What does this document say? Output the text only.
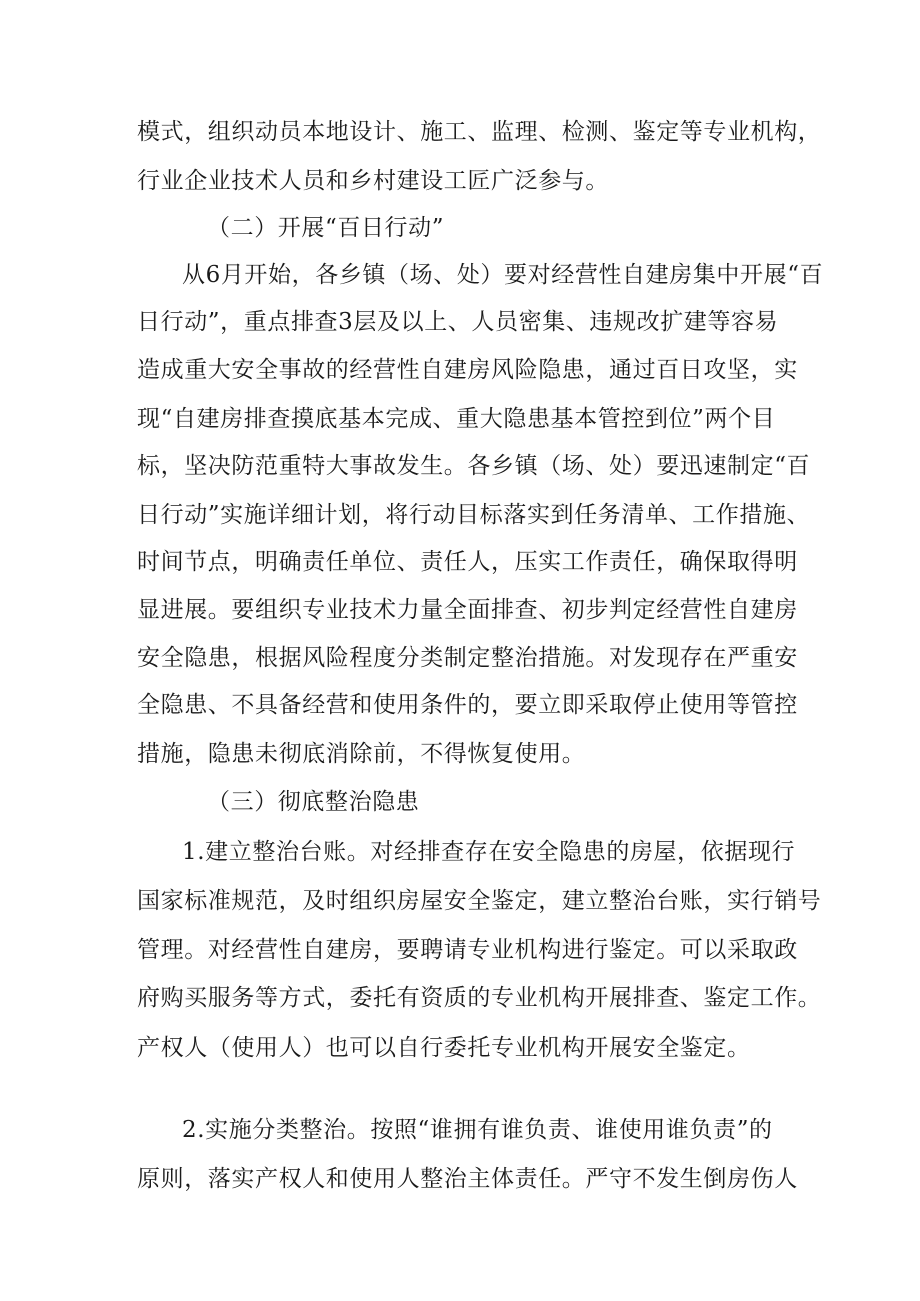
模式，组织动员本地设计、施工、监理、检测、鉴定等专业机构，

行业企业技术人员和乡村建设工匠广泛参与。

（二）开展“百日行动”

从6月开始，各乡镇（场、处）要对经营性自建房集中开展“百

日行动”，重点排查3层及以上、人员密集、违规改扩建等容易

造成重大安全事故的经营性自建房风险隐患，通过百日攻坚，实

现“自建房排查摸底基本完成、重大隐患基本管控到位”两个目

标，坚决防范重特大事故发生。各乡镇（场、处）要迅速制定“百

日行动”实施详细计划，将行动目标落实到任务清单、工作措施、

时间节点，明确责任单位、责任人，压实工作责任，确保取得明

显进展。要组织专业技术力量全面排查、初步判定经营性自建房

安全隐患，根据风险程度分类制定整治措施。对发现存在严重安

全隐患、不具备经营和使用条件的，要立即采取停止使用等管控

措施，隐患未彻底消除前，不得恢复使用。

（三）彻底整治隐患

1.建立整治台账。对经排查存在安全隐患的房屋，依据现行

国家标准规范，及时组织房屋安全鉴定，建立整治台账，实行销号

管理。对经营性自建房，要聘请专业机构进行鉴定。可以采取政

府购买服务等方式，委托有资质的专业机构开展排查、鉴定工作。

产权人（使用人）也可以自行委托专业机构开展安全鉴定。

2.实施分类整治。按照“谁拥有谁负责、谁使用谁负责”的

原则，落实产权人和使用人整治主体责任。严守不发生倒房伤人
